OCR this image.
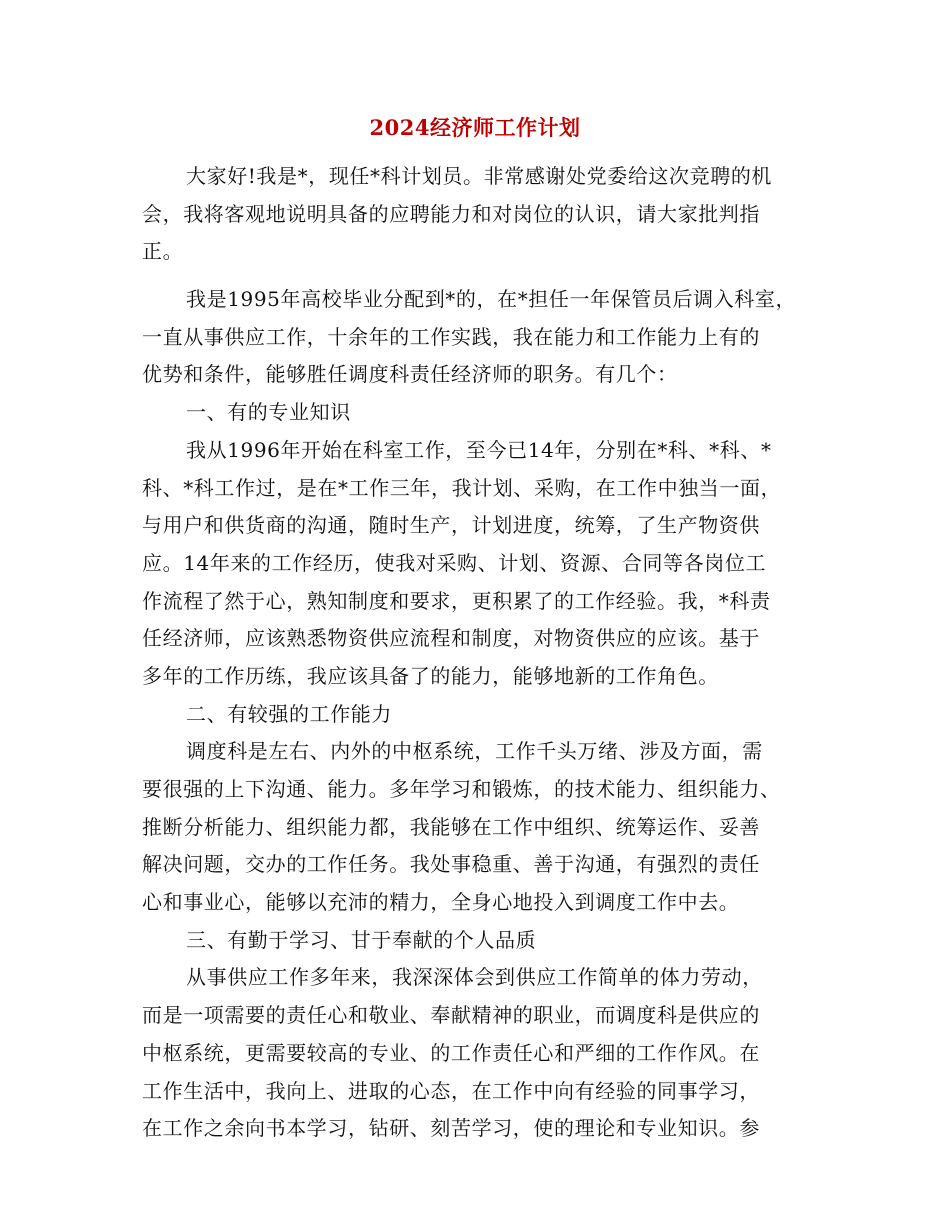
2024经济师工作计划
大家好!我是*，现任*科计划员。非常感谢处党委给这次竞聘的机
会，我将客观地说明具备的应聘能力和对岗位的认识，请大家批判指
正。
我是1995年高校毕业分配到*的，在*担任一年保管员后调入科室，
一直从事供应工作，十余年的工作实践，我在能力和工作能力上有的
优势和条件，能够胜任调度科责任经济师的职务。有几个：
一、有的专业知识
我从1996年开始在科室工作，至今已14年，分别在*科、*科、*
科、*科工作过，是在*工作三年，我计划、采购，在工作中独当一面，
与用户和供货商的沟通，随时生产，计划进度，统筹，了生产物资供
应。14年来的工作经历，使我对采购、计划、资源、合同等各岗位工
作流程了然于心，熟知制度和要求，更积累了的工作经验。我，*科责
任经济师，应该熟悉物资供应流程和制度，对物资供应的应该。基于
多年的工作历练，我应该具备了的能力，能够地新的工作角色。
二、有较强的工作能力
调度科是左右、内外的中枢系统，工作千头万绪、涉及方面，需
要很强的上下沟通、能力。多年学习和锻炼，的技术能力、组织能力、
推断分析能力、组织能力都，我能够在工作中组织、统筹运作、妥善
解决问题，交办的工作任务。我处事稳重、善于沟通，有强烈的责任
心和事业心，能够以充沛的精力，全身心地投入到调度工作中去。
三、有勤于学习、甘于奉献的个人品质
从事供应工作多年来，我深深体会到供应工作简单的体力劳动，
而是一项需要的责任心和敬业、奉献精神的职业，而调度科是供应的
中枢系统，更需要较高的专业、的工作责任心和严细的工作作风。在
工作生活中，我向上、进取的心态，在工作中向有经验的同事学习，
在工作之余向书本学习，钻研、刻苦学习，使的理论和专业知识。参
